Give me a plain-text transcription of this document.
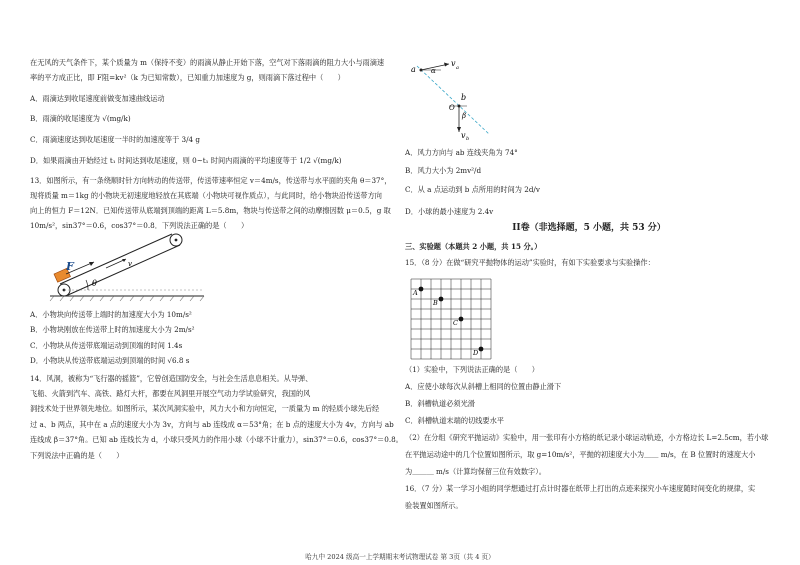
在无风的天气条件下，某个质量为 m（保持不变）的雨滴从静止开始下落，空气对下落雨滴的阻力大小与雨滴速
率的平方成正比，即 F阻=kv²（k 为已知常数），已知重力加速度为 g，则雨滴下落过程中（　　）
A．雨滴达到收尾速度前做变加速曲线运动
B．雨滴的收尾速度为 √(mg/k)
C．雨滴速度达到收尾速度一半时的加速度等于 3/4 g
D．如果雨滴由开始经过 t₁ 时间达到收尾速度，则 0~t₁ 时间内雨滴的平均速度等于 1/2 √(mg/k)
13．如图所示，有一条绕顺时针方向转动的传送带，传送带速率恒定 v＝4m/s，传送带与水平面的夹角 θ＝37°，
现将质量 m＝1kg 的小物块无初速度地轻放在其底端（小物块可视作质点），与此同时，给小物块沿传送带方向
向上的恒力 F＝12N．已知传送带从底端到顶端的距离 L＝5.8m，物块与传送带之间的动摩擦因数 μ＝0.5，g 取
10m/s²，sin37°＝0.6，cos37°＝0.8．下列说法正确的是（　　）
F	v
θ
A．小物块向传送带上端时的加速度大小为 10m/s²
B．小物块刚放在传送带上时的加速度大小为 2m/s²
C．小物块从传送带底端运动到顶端的时间 1.4s
D．小物块从传送带底端运动到顶端的时间 √6.8 s
14．风洞，被称为“飞行器的摇篮”，它曾创造国防安全，与社会生活息息相关。从导弹、
飞船、火箭到汽车、高铁、路灯大杆，都要在风洞里开展空气动力学试验研究，我国的风
洞技术处于世界领先地位。如图所示，某次风洞实验中，风力大小和方向恒定，一质量为 m 的轻质小球先后经
过 a、b 两点，其中在 a 点的速度大小为 3v，方向与 ab 连线成 α＝53°角；在 b 点的速度大小为 4v，方向与 ab
连线成 β＝37°角。已知 ab 连线长为 d，小球只受风力的作用小球（小球不计重力），sin37°＝0.6，cos37°＝0.8。
下列说法中正确的是（　　）
a α
v a
b
β
O
v b
A．风力方向与 ab 连线夹角为 74°
B．风力大小为 2mv²/d
C．从 a 点运动到 b 点所用的时间为 2d/v
D．小球的最小速度为 2.4v
II卷（非选择题，5 小题，共 53 分）
三、实验题（本题共 2 小题，共 15 分。）
15．（8 分）在做“研究平抛物体的运动”实验时，有如下实验要求与实验操作：
A
B
C
D
（1）实验中，下列说法正确的是（　　）
A．应使小球每次从斜槽上相同的位置由静止滑下
B．斜槽轨道必须光滑
C．斜槽轨道末端的切线要水平
（2）在分组《研究平抛运动》实验中，用一张印有小方格的纸记录小球运动轨迹，小方格边长 L=2.5cm，若小球
在平抛运动途中的几个位置如图所示，取 g=10m/s²，平抛的初速度大小为＿＿ m/s，在 B 位置时的速度大小
为＿＿＿ m/s（计算均保留三位有效数字）。
16．（7 分）某一学习小组的同学想通过打点计时器在纸带上打出的点迹来探究小车速度随时间变化的规律，实
验装置如图所示。
哈九中 2024 级高一上学期期末考试物理试卷 第 3页（共 4 页）
